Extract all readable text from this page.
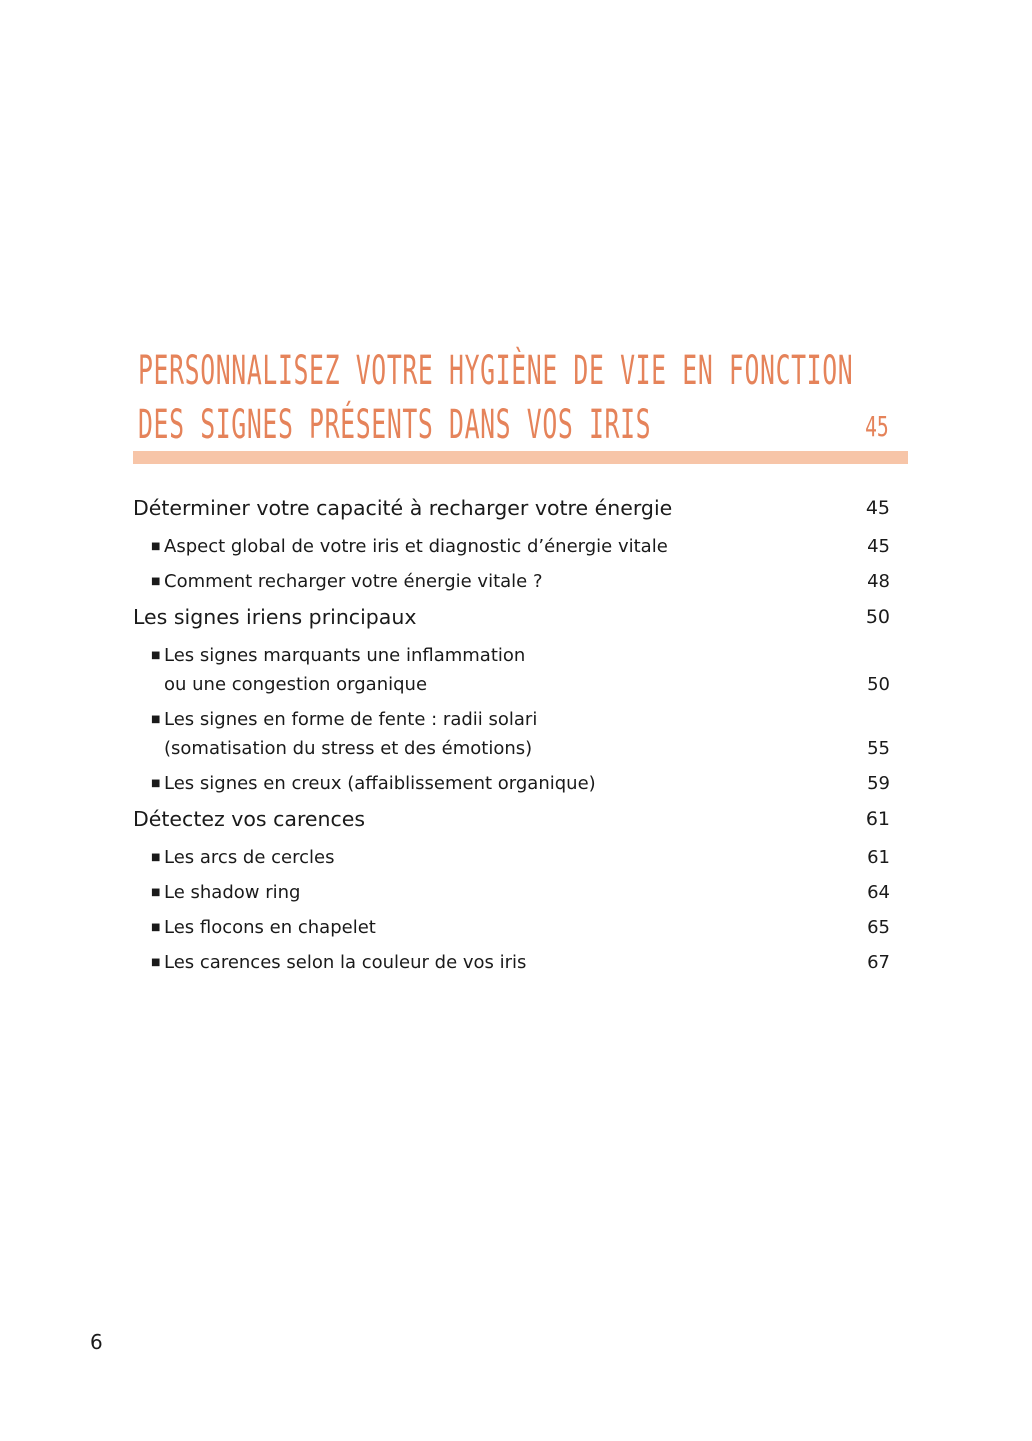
PERSONNALISEZ VOTRE HYGIÈNE DE VIE EN FONCTION
DES SIGNES PRÉSENTS DANS VOS IRIS	45
Déterminer votre capacité à recharger votre énergie	45
■ Aspect global de votre iris et diagnostic d’énergie vitale	45
■ Comment recharger votre énergie vitale ?	48
Les signes iriens principaux	50
■ Les signes marquants une inflammation
ou une congestion organique	50
■ Les signes en forme de fente : radii solari
(somatisation du stress et des émotions)	55
■ Les signes en creux (affaiblissement organique)	59
Détectez vos carences	61
■ Les arcs de cercles	61
■ Le shadow ring	64
■ Les flocons en chapelet	65
■ Les carences selon la couleur de vos iris	67
6
